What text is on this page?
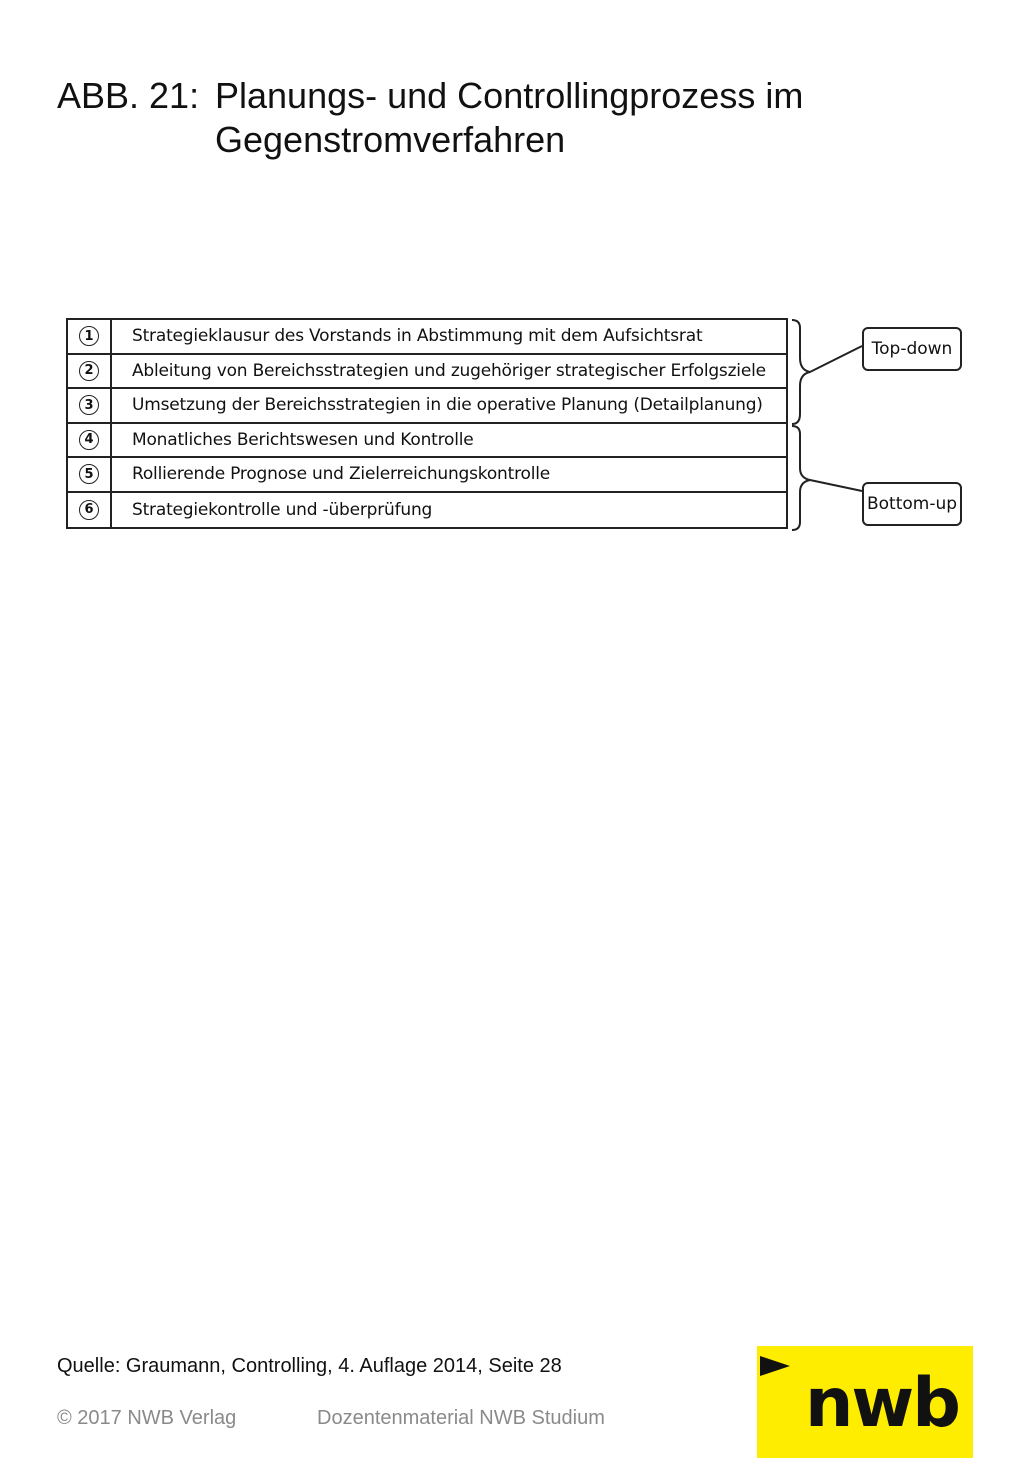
ABB. 21: Planungs- und Controllingprozess im
Gegenstromverfahren
1	Strategieklausur des Vorstands in Abstimmung mit dem Aufsichtsrat
2	Ableitung von Bereichsstrategien und zugehöriger strategischer Erfolgsziele
3	Umsetzung der Bereichsstrategien in die operative Planung (Detailplanung)
4	Monatliches Berichtswesen und Kontrolle
5	Rollierende Prognose und Zielerreichungskontrolle
6	Strategiekontrolle und -überprüfung
Top-down
Bottom-up
Quelle: Graumann, Controlling, 4. Auflage 2014, Seite 28
© 2017 NWB Verlag	Dozentenmaterial NWB Studium	nwb
